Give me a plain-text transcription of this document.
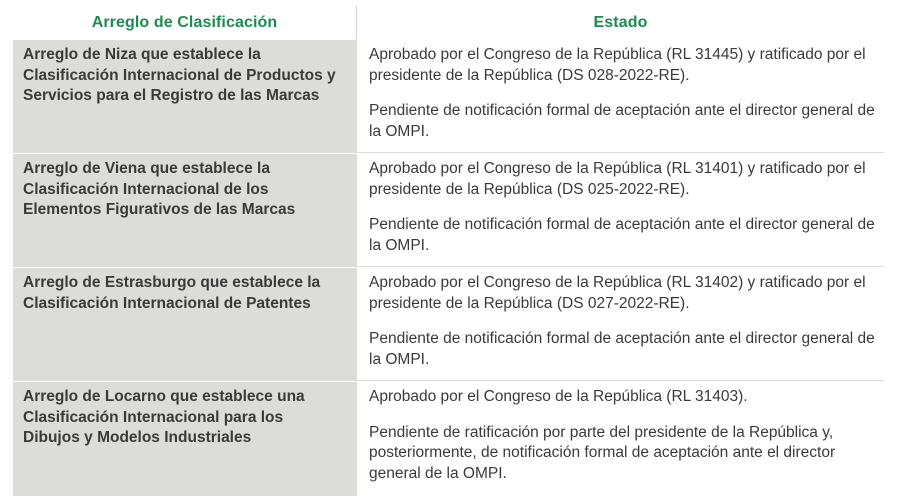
Arreglo de Clasificación	Estado
Arreglo de Niza que establece la Clasificación Internacional de Productos y Servicios para el Registro de las Marcas
Aprobado por el Congreso de la República (RL 31445) y ratificado por el presidente de la República (DS 028-2022-RE).
Pendiente de notificación formal de aceptación ante el director general de la OMPI.
Arreglo de Viena que establece la Clasificación Internacional de los Elementos Figurativos de las Marcas
Aprobado por el Congreso de la República (RL 31401) y ratificado por el presidente de la República (DS 025-2022-RE).
Pendiente de notificación formal de aceptación ante el director general de la OMPI.
Arreglo de Estrasburgo que establece la Clasificación Internacional de Patentes
Aprobado por el Congreso de la República (RL 31402) y ratificado por el presidente de la República (DS 027-2022-RE).
Pendiente de notificación formal de aceptación ante el director general de la OMPI.
Arreglo de Locarno que establece una Clasificación Internacional para los Dibujos y Modelos Industriales
Aprobado por el Congreso de la República (RL 31403).
Pendiente de ratificación por parte del presidente de la República y, posteriormente, de notificación formal de aceptación ante el director general de la OMPI.
